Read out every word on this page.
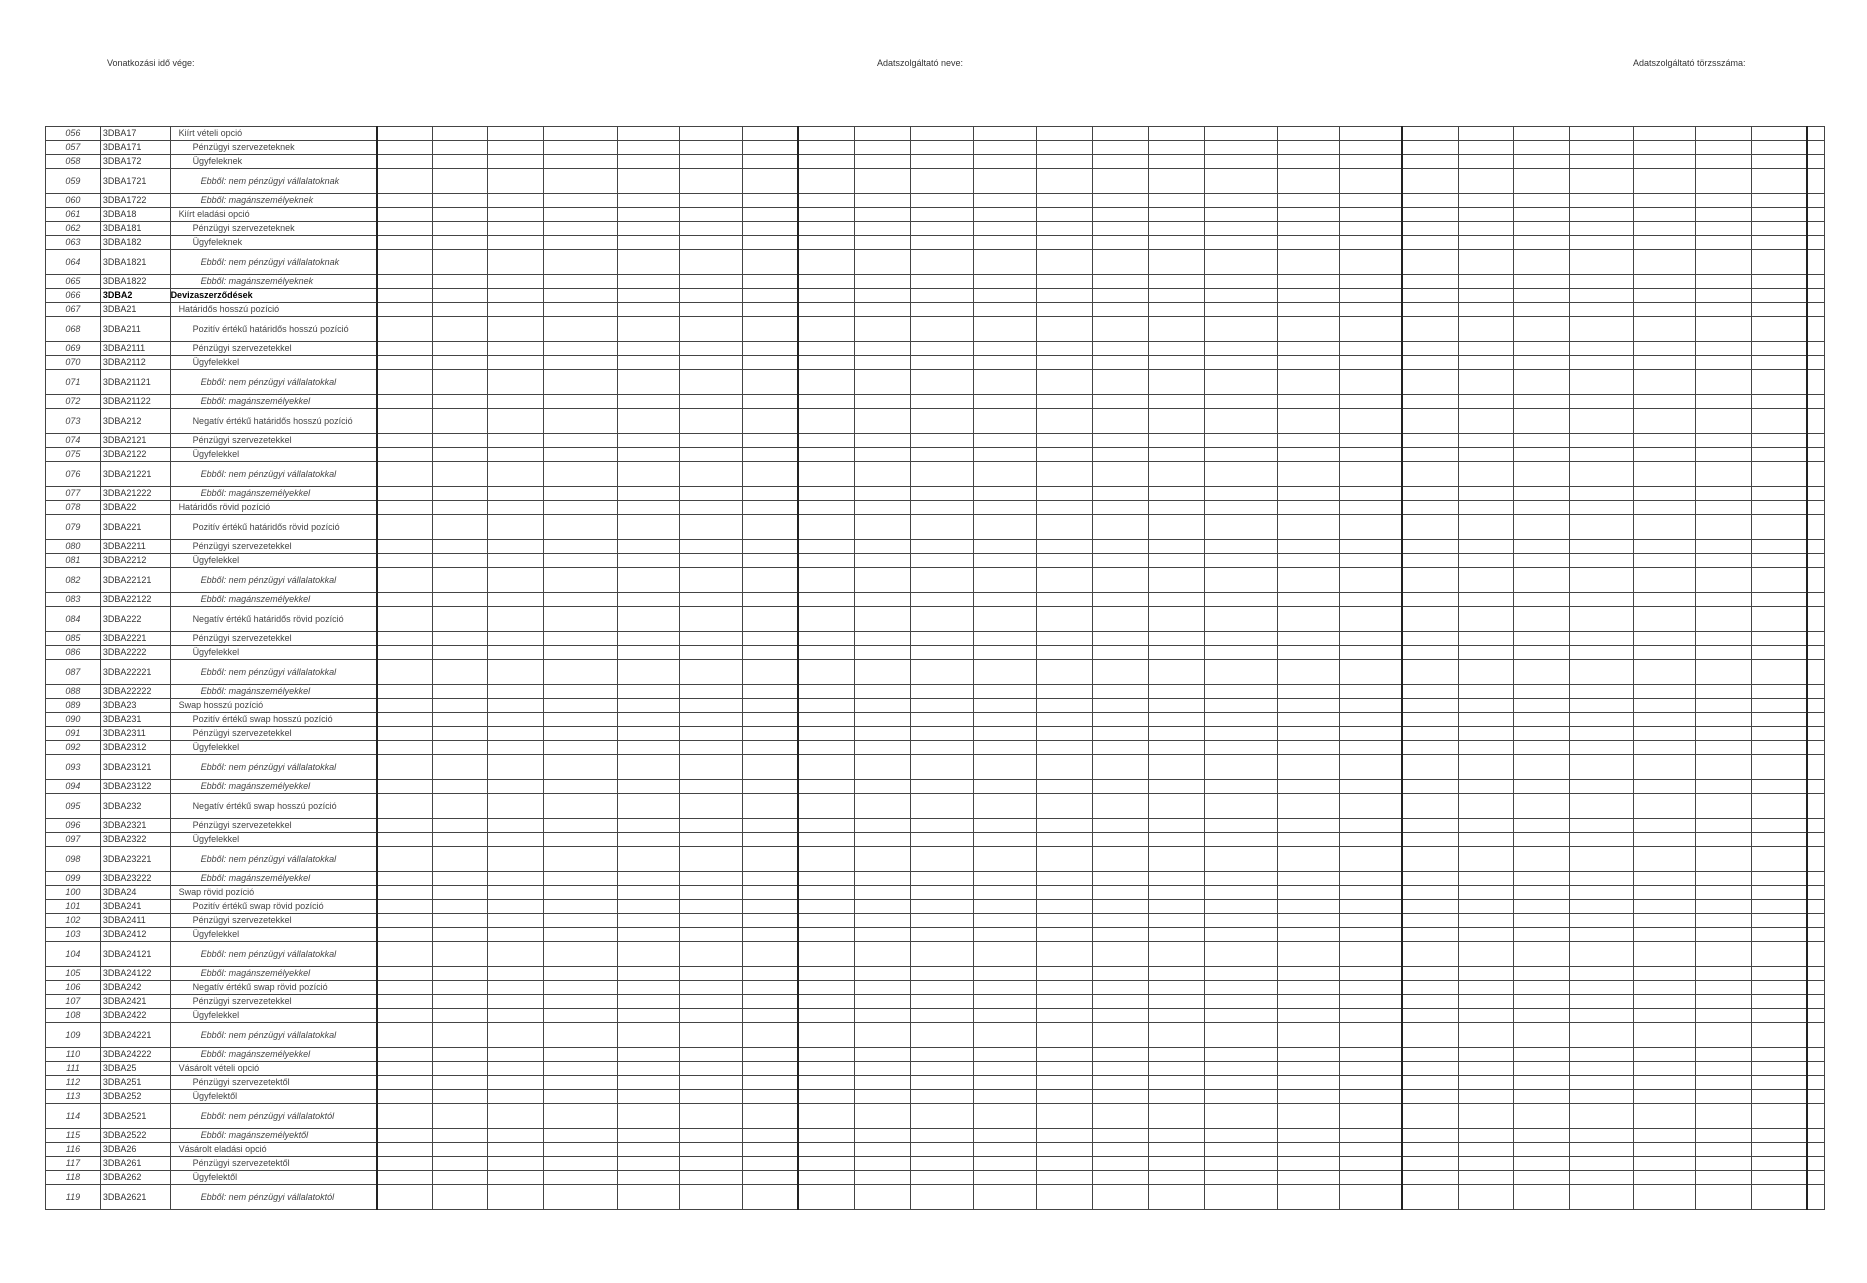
Vonatkozási idő vége:	Adatszolgáltató neve:	Adatszolgáltató törzsszáma:
056	3DBA17	Kiírt vételi opció																									
057	3DBA171	Pénzügyi szervezeteknek																									
058	3DBA172	Ügyfeleknek																									
059	3DBA1721	Ebből: nem pénzügyi vállalatoknak																									
060	3DBA1722	Ebből: magánszemélyeknek																									
061	3DBA18	Kiírt eladási opció																									
062	3DBA181	Pénzügyi szervezeteknek																									
063	3DBA182	Ügyfeleknek																									
064	3DBA1821	Ebből: nem pénzügyi vállalatoknak																									
065	3DBA1822	Ebből: magánszemélyeknek																									
066	3DBA2	Devizaszerződések																									
067	3DBA21	Határidős hosszú pozíció																									
068	3DBA211	Pozitív értékű határidős hosszú pozíció																									
069	3DBA2111	Pénzügyi szervezetekkel																									
070	3DBA2112	Ügyfelekkel																									
071	3DBA21121	Ebből: nem pénzügyi vállalatokkal																									
072	3DBA21122	Ebből: magánszemélyekkel																									
073	3DBA212	Negatív értékű határidős hosszú pozíció																									
074	3DBA2121	Pénzügyi szervezetekkel																									
075	3DBA2122	Ügyfelekkel																									
076	3DBA21221	Ebből: nem pénzügyi vállalatokkal																									
077	3DBA21222	Ebből: magánszemélyekkel																									
078	3DBA22	Határidős rövid pozíció																									
079	3DBA221	Pozitív értékű határidős rövid pozíció																									
080	3DBA2211	Pénzügyi szervezetekkel																									
081	3DBA2212	Ügyfelekkel																									
082	3DBA22121	Ebből: nem pénzügyi vállalatokkal																									
083	3DBA22122	Ebből: magánszemélyekkel																									
084	3DBA222	Negatív értékű határidős rövid pozíció																									
085	3DBA2221	Pénzügyi szervezetekkel																									
086	3DBA2222	Ügyfelekkel																									
087	3DBA22221	Ebből: nem pénzügyi vállalatokkal																									
088	3DBA22222	Ebből: magánszemélyekkel																									
089	3DBA23	Swap hosszú pozíció																									
090	3DBA231	Pozitív értékű swap hosszú pozíció																									
091	3DBA2311	Pénzügyi szervezetekkel																									
092	3DBA2312	Ügyfelekkel																									
093	3DBA23121	Ebből: nem pénzügyi vállalatokkal																									
094	3DBA23122	Ebből: magánszemélyekkel																									
095	3DBA232	Negatív értékű swap hosszú pozíció																									
096	3DBA2321	Pénzügyi szervezetekkel																									
097	3DBA2322	Ügyfelekkel																									
098	3DBA23221	Ebből: nem pénzügyi vállalatokkal																									
099	3DBA23222	Ebből: magánszemélyekkel																									
100	3DBA24	Swap rövid pozíció																									
101	3DBA241	Pozitív értékű swap rövid pozíció																									
102	3DBA2411	Pénzügyi szervezetekkel																									
103	3DBA2412	Ügyfelekkel																									
104	3DBA24121	Ebből: nem pénzügyi vállalatokkal																									
105	3DBA24122	Ebből: magánszemélyekkel																									
106	3DBA242	Negatív értékű swap rövid pozíció																									
107	3DBA2421	Pénzügyi szervezetekkel																									
108	3DBA2422	Ügyfelekkel																									
109	3DBA24221	Ebből: nem pénzügyi vállalatokkal																									
110	3DBA24222	Ebből: magánszemélyekkel																									
111	3DBA25	Vásárolt vételi opció																									
112	3DBA251	Pénzügyi szervezetektől																									
113	3DBA252	Ügyfelektől																									
114	3DBA2521	Ebből: nem pénzügyi vállalatoktól																									
115	3DBA2522	Ebből: magánszemélyektől																									
116	3DBA26	Vásárolt eladási opció																									
117	3DBA261	Pénzügyi szervezetektől																									
118	3DBA262	Ügyfelektől																									
119	3DBA2621	Ebből: nem pénzügyi vállalatoktól																									
